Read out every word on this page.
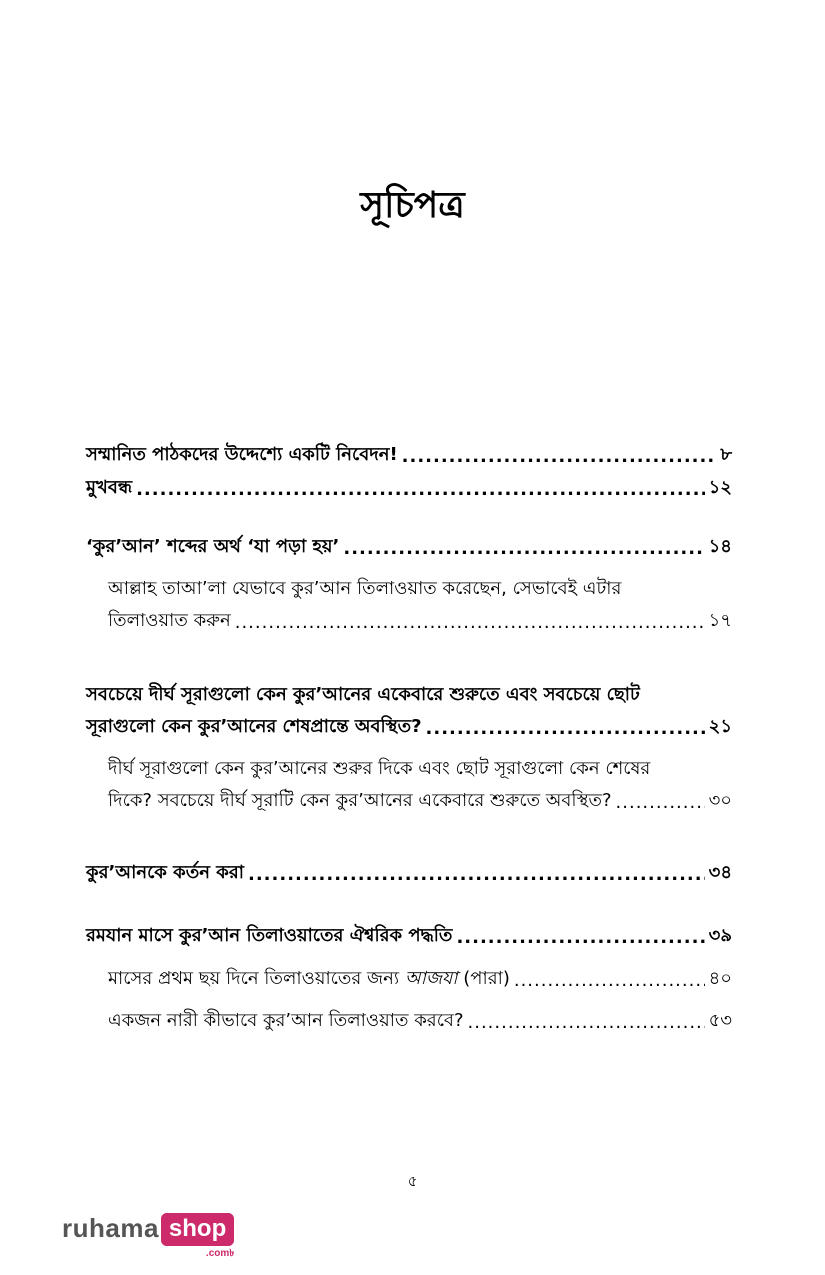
সূচিপত্র
সম্মানিত পাঠকদের উদ্দেশ্যে একটি নিবেদন! .....	৮
মুখবন্ধ .....	১২
‘কুর’আন’ শব্দের অর্থ ‘যা পড়া হয়’ .....	১৪
আল্লাহ তাআ’লা যেভাবে কুর’আন তিলাওয়াত করেছেন, সেভাবেই এটার
তিলাওয়াত করুন .....	১৭
সবচেয়ে দীর্ঘ সূরাগুলো কেন কুর’আনের একেবারে শুরুতে এবং সবচেয়ে ছোট
সূরাগুলো কেন কুর’আনের শেষপ্রান্তে অবস্থিত? .....	২১
দীর্ঘ সূরাগুলো কেন কুর’আনের শুরুর দিকে এবং ছোট সূরাগুলো কেন শেষের
দিকে? সবচেয়ে দীর্ঘ সূরাটি কেন কুর’আনের একেবারে শুরুতে অবস্থিত? .....	৩০
কুর’আনকে কর্তন করা .....	৩৪
রমযান মাসে কুর’আন তিলাওয়াতের ঐশ্বরিক পদ্ধতি .....	৩৯
মাসের প্রথম ছয় দিনে তিলাওয়াতের জন্য আজযা (পারা) .....	৪০
একজন নারী কীভাবে কুর’আন তিলাওয়াত করবে? .....	৫৩
৫
ruhama shop
.com৳
